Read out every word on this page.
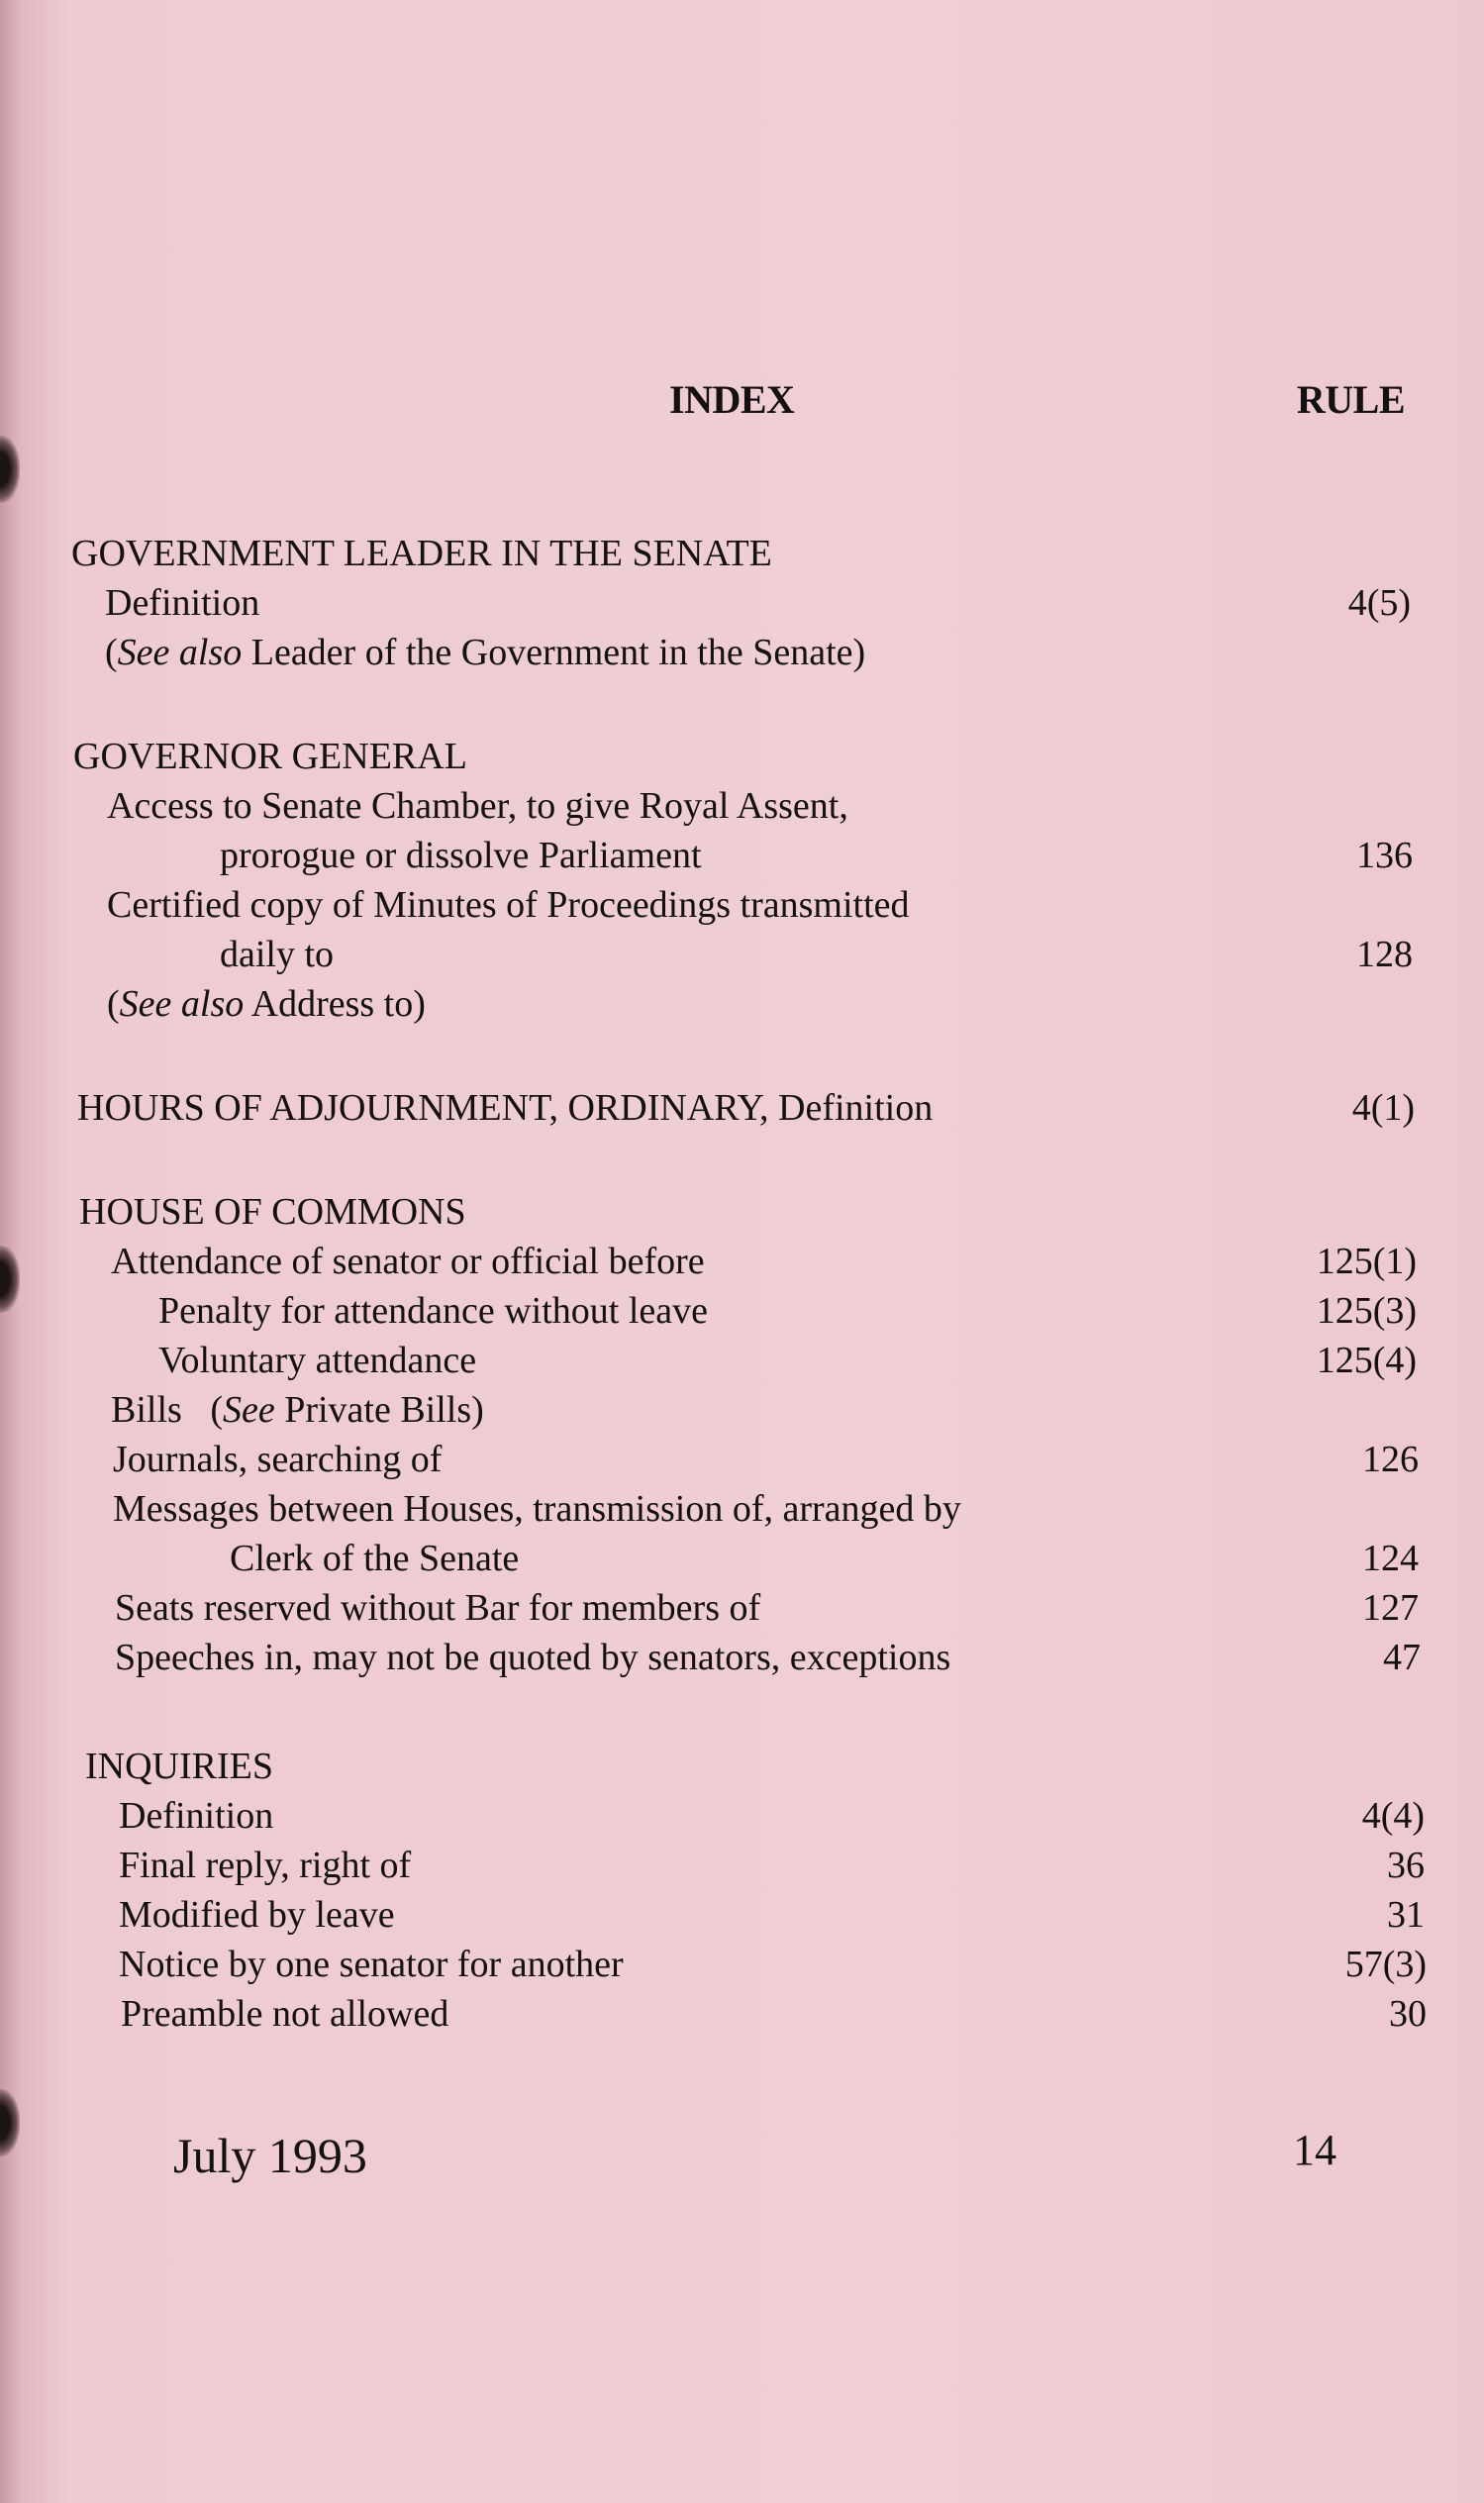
INDEX	RULE
GOVERNMENT LEADER IN THE SENATE
Definition	4(5)
(See also Leader of the Government in the Senate)
GOVERNOR GENERAL
Access to Senate Chamber, to give Royal Assent,
prorogue or dissolve Parliament	136
Certified copy of Minutes of Proceedings transmitted
daily to	128
(See also Address to)
HOURS OF ADJOURNMENT, ORDINARY, Definition	4(1)
HOUSE OF COMMONS
Attendance of senator or official before	125(1)
Penalty for attendance without leave	125(3)
Voluntary attendance	125(4)
Bills   (See Private Bills)
Journals, searching of	126
Messages between Houses, transmission of, arranged by
Clerk of the Senate	124
Seats reserved without Bar for members of	127
Speeches in, may not be quoted by senators, exceptions	47
INQUIRIES
Definition	4(4)
Final reply, right of	36
Modified by leave	31
Notice by one senator for another	57(3)
Preamble not allowed	30
July 1993	14
